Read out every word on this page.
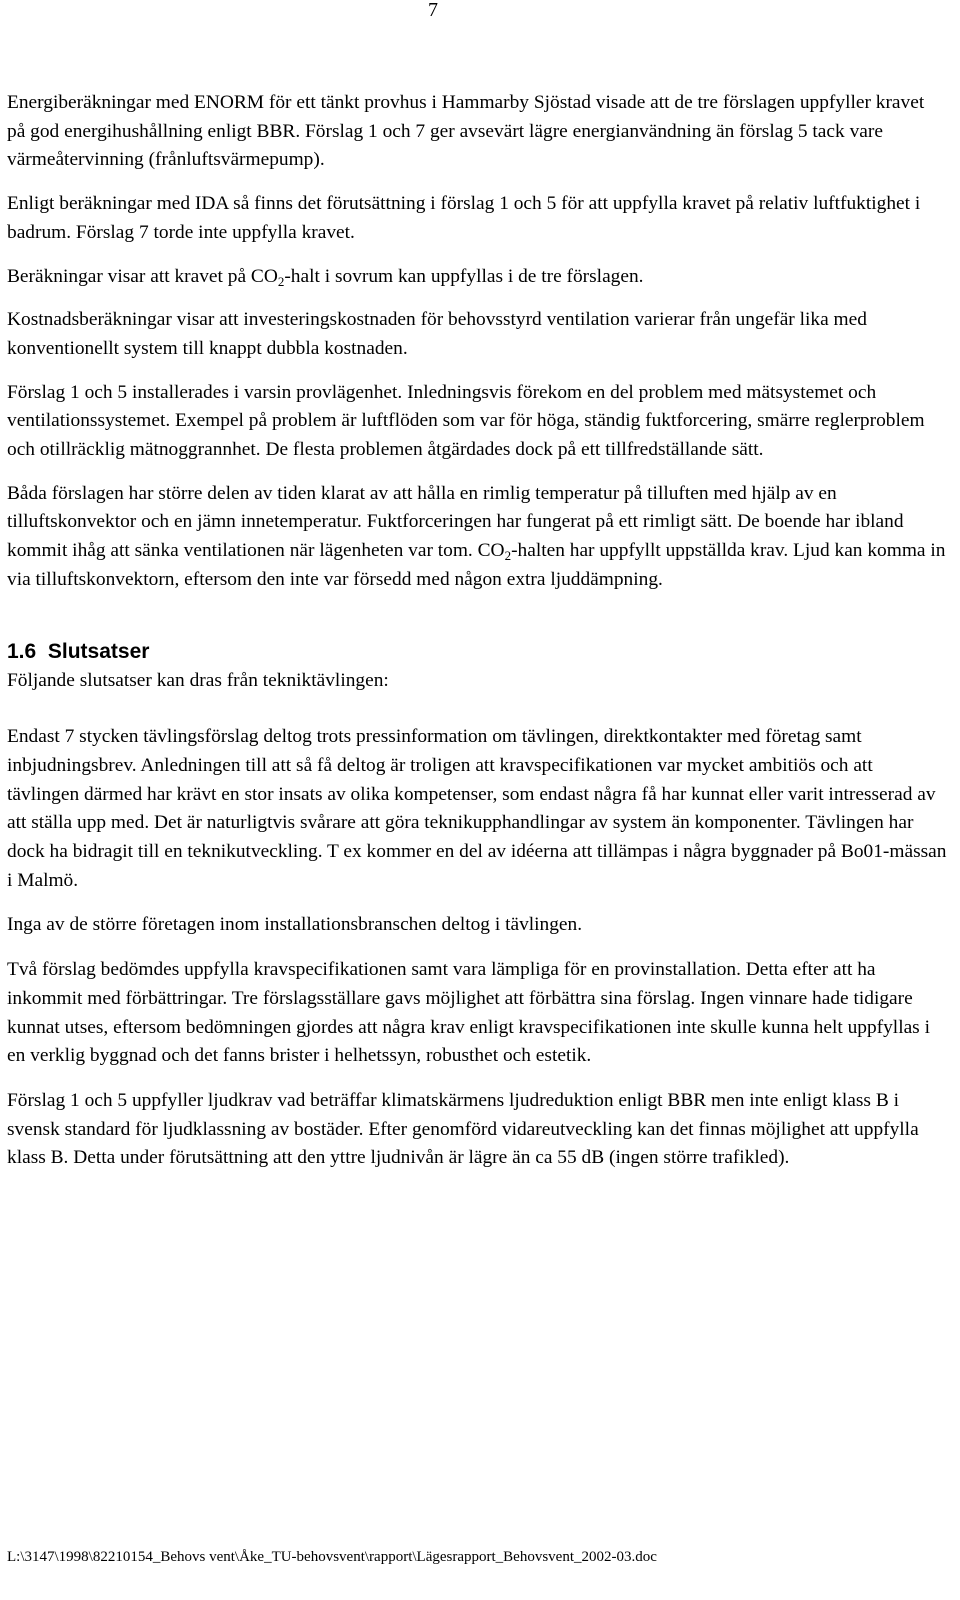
7

Energiberäkningar med ENORM för ett tänkt provhus i Hammarby Sjöstad visade att de tre förslagen uppfyller kravet på god energihushållning enligt BBR. Förslag 1 och 7 ger avsevärt lägre energianvändning än förslag 5 tack vare värmeåtervinning (frånluftsvärmepump).

Enligt beräkningar med IDA så finns det förutsättning i förslag 1 och 5 för att uppfylla kravet på relativ luftfuktighet i badrum. Förslag 7 torde inte uppfylla kravet.

Beräkningar visar att kravet på $CO_2$-halt i sovrum kan uppfyllas i de tre förslagen.

Kostnadsberäkningar visar att investeringskostnaden för behovsstyrd ventilation varierar från ungefär lika med konventionellt system till knappt dubbla kostnaden.

Förslag 1 och 5 installerades i varsin provlägenhet. Inledningsvis förekom en del problem med mätsystemet och ventilationssystemet. Exempel på problem är luftflöden som var för höga, ständig fuktforcering, smärre reglerproblem och otillräcklig mätnoggrannhet. De flesta problemen åtgärdades dock på ett tillfredställande sätt.

Båda förslagen har större delen av tiden klarat av att hålla en rimlig temperatur på tilluften med hjälp av en tilluftskonvektor och en jämn innetemperatur. Fuktforceringen har fungerat på ett rimligt sätt. De boende har ibland kommit ihåg att sänka ventilationen när lägenheten var tom. $CO_2$-halten har uppfyllt uppställda krav. Ljud kan komma in via tilluftskonvektorn, eftersom den inte var försedd med någon extra ljuddämpning.

1.6 Slutsatser

Följande slutsatser kan dras från tekniktävlingen:

Endast 7 stycken tävlingsförslag deltog trots pressinformation om tävlingen, direktkontakter med företag samt inbjudningsbrev. Anledningen till att så få deltog är troligen att kravspecifikationen var mycket ambitiös och att tävlingen därmed har krävt en stor insats av olika kompetenser, som endast några få har kunnat eller varit intresserad av att ställa upp med. Det är naturligtvis svårare att göra teknikupphandlingar av system än komponenter. Tävlingen har dock ha bidragit till en teknikutveckling. T ex kommer en del av idéerna att tillämpas i några byggnader på Bo01-mässan i Malmö.

Inga av de större företagen inom installationsbranschen deltog i tävlingen.

Två förslag bedömdes uppfylla kravspecifikationen samt vara lämpliga för en provinstallation. Detta efter att ha inkommit med förbättringar. Tre förslagsställare gavs möjlighet att förbättra sina förslag. Ingen vinnare hade tidigare kunnat utses, eftersom bedömningen gjordes att några krav enligt kravspecifikationen inte skulle kunna helt uppfyllas i en verklig byggnad och det fanns brister i helhetssyn, robusthet och estetik.

Förslag 1 och 5 uppfyller ljudkrav vad beträffar klimatskärmens ljudreduktion enligt BBR men inte enligt klass B i svensk standard för ljudklassning av bostäder. Efter genomförd vidareutveckling kan det finnas möjlighet att uppfylla klass B. Detta under förutsättning att den yttre ljudnivån är lägre än ca 55 dB (ingen större trafikled).

L:\3147\1998\82210154_Behovs vent\Åke_TU-behovsvent\rapport\Lägesrapport_Behovsvent_2002-03.doc
